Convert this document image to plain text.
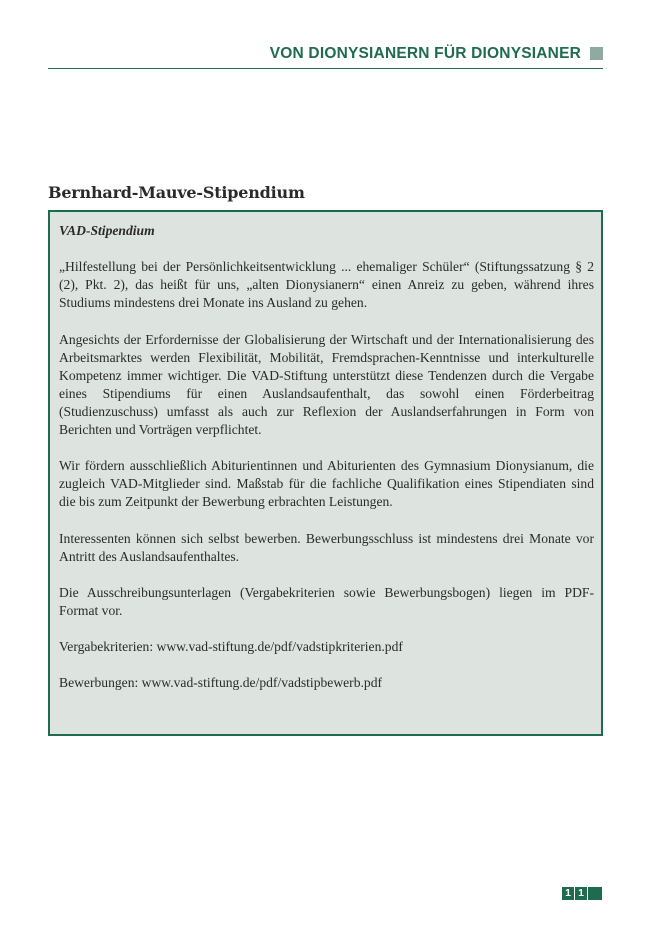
VON DIONYSIANERN FÜR DIONYSIANER
Bernhard-Mauve-Stipendium

VAD-Stipendium

„Hilfestellung bei der Persönlichkeitsentwicklung ... ehemaliger Schüler“ (Stiftungssatzung § 2 (2), Pkt. 2), das heißt für uns, „alten Dionysianern“ einen Anreiz zu geben, während ihres Studiums mindestens drei Monate ins Ausland zu gehen.

Angesichts der Erfordernisse der Globalisierung der Wirtschaft und der Internationalisierung des Arbeitsmarktes werden Flexibilität, Mobilität, Fremdsprachen-Kenntnisse und interkulturelle Kompetenz immer wichtiger. Die VAD-Stiftung unterstützt diese Tendenzen durch die Vergabe eines Stipendiums für einen Auslandsaufenthalt, das sowohl einen Förderbeitrag (Studienzuschuss) umfasst als auch zur Reflexion der Auslandserfahrungen in Form von Berichten und Vorträgen verpflichtet.

Wir fördern ausschließlich Abiturientinnen und Abiturienten des Gymnasium Dionysianum, die zugleich VAD-Mitglieder sind. Maßstab für die fachliche Qualifikation eines Stipendiaten sind die bis zum Zeitpunkt der Bewerbung erbrachten Leistungen.

Interessenten können sich selbst bewerben. Bewerbungsschluss ist mindestens drei Monate vor Antritt des Auslandsaufenthaltes.

Die Ausschreibungsunterlagen (Vergabekriterien sowie Bewerbungsbogen) liegen im PDF-Format vor.

Vergabekriterien: www.vad-stiftung.de/pdf/vadstipkriterien.pdf

Bewerbungen: www.vad-stiftung.de/pdf/vadstipbewerb.pdf

1 1
